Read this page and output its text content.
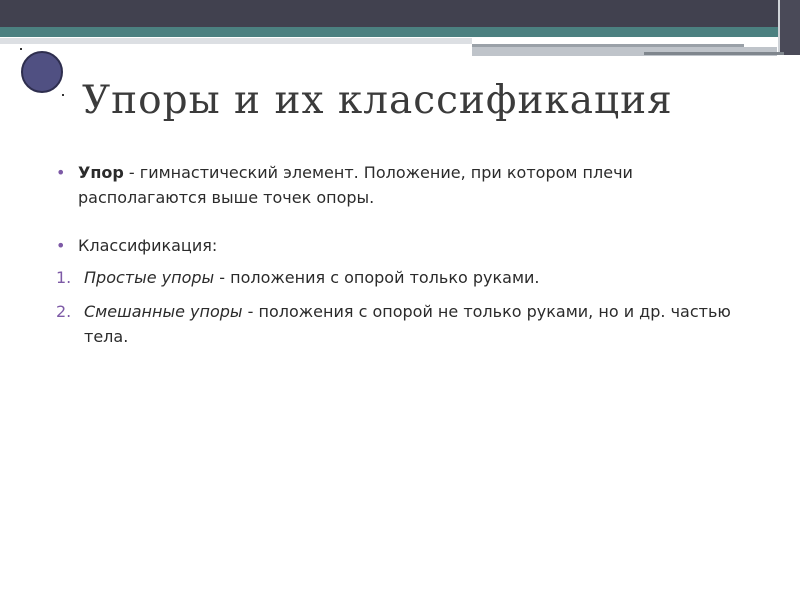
Упоры и их классификация
• Упор - гимнастический элемент. Положение, при котором плечи располагаются выше точек опоры.
• Классификация:
1. Простые упоры - положения с опорой только руками.
2. Смешанные упоры - положения с опорой не только руками, но и др. частью тела.
